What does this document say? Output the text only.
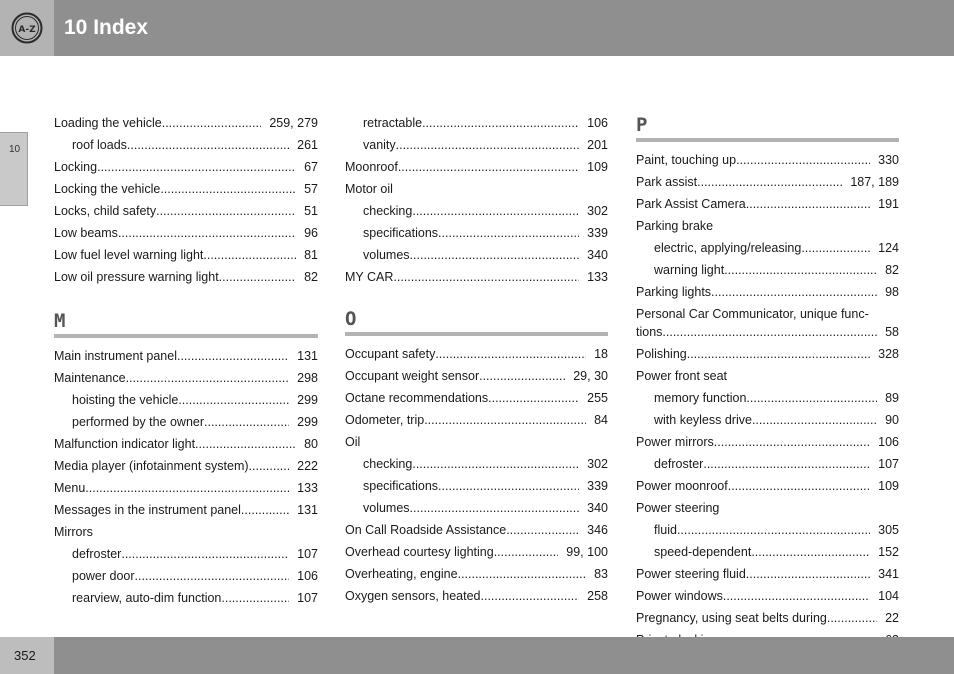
A-Z 10 Index
10
Loading the vehicle .....	259, 279
roof loads .....	261
Locking .....	67
Locking the vehicle .....	57
Locks, child safety .....	51
Low beams .....	96
Low fuel level warning light .....	81
Low oil pressure warning light .....	82
M
Main instrument panel .....	131
Maintenance .....	298
hoisting the vehicle .....	299
performed by the owner .....	299
Malfunction indicator light .....	80
Media player (infotainment system) .....	222
Menu .....	133
Messages in the instrument panel .....	131
Mirrors
defroster .....	107
power door .....	106
rearview, auto-dim function .....	107
retractable .....	106
vanity .....	201
Moonroof .....	109
Motor oil
checking .....	302
specifications .....	339
volumes .....	340
MY CAR .....	133
O
Occupant safety .....	18
Occupant weight sensor .....	29, 30
Octane recommendations .....	255
Odometer, trip .....	84
Oil
checking .....	302
specifications .....	339
volumes .....	340
On Call Roadside Assistance .....	346
Overhead courtesy lighting .....	99, 100
Overheating, engine .....	83
Oxygen sensors, heated .....	258
P
Paint, touching up .....	330
Park assist .....	187, 189
Park Assist Camera .....	191
Parking brake
electric, applying/releasing .....	124
warning light .....	82
Parking lights .....	98
Personal Car Communicator, unique func-
tions .....	58
Polishing .....	328
Power front seat
memory function .....	89
with keyless drive .....	90
Power mirrors .....	106
defroster .....	107
Power moonroof .....	109
Power steering
fluid .....	305
speed-dependent .....	152
Power steering fluid .....	341
Power windows .....	104
Pregnancy, using seat belts during .....	22
.....
352
